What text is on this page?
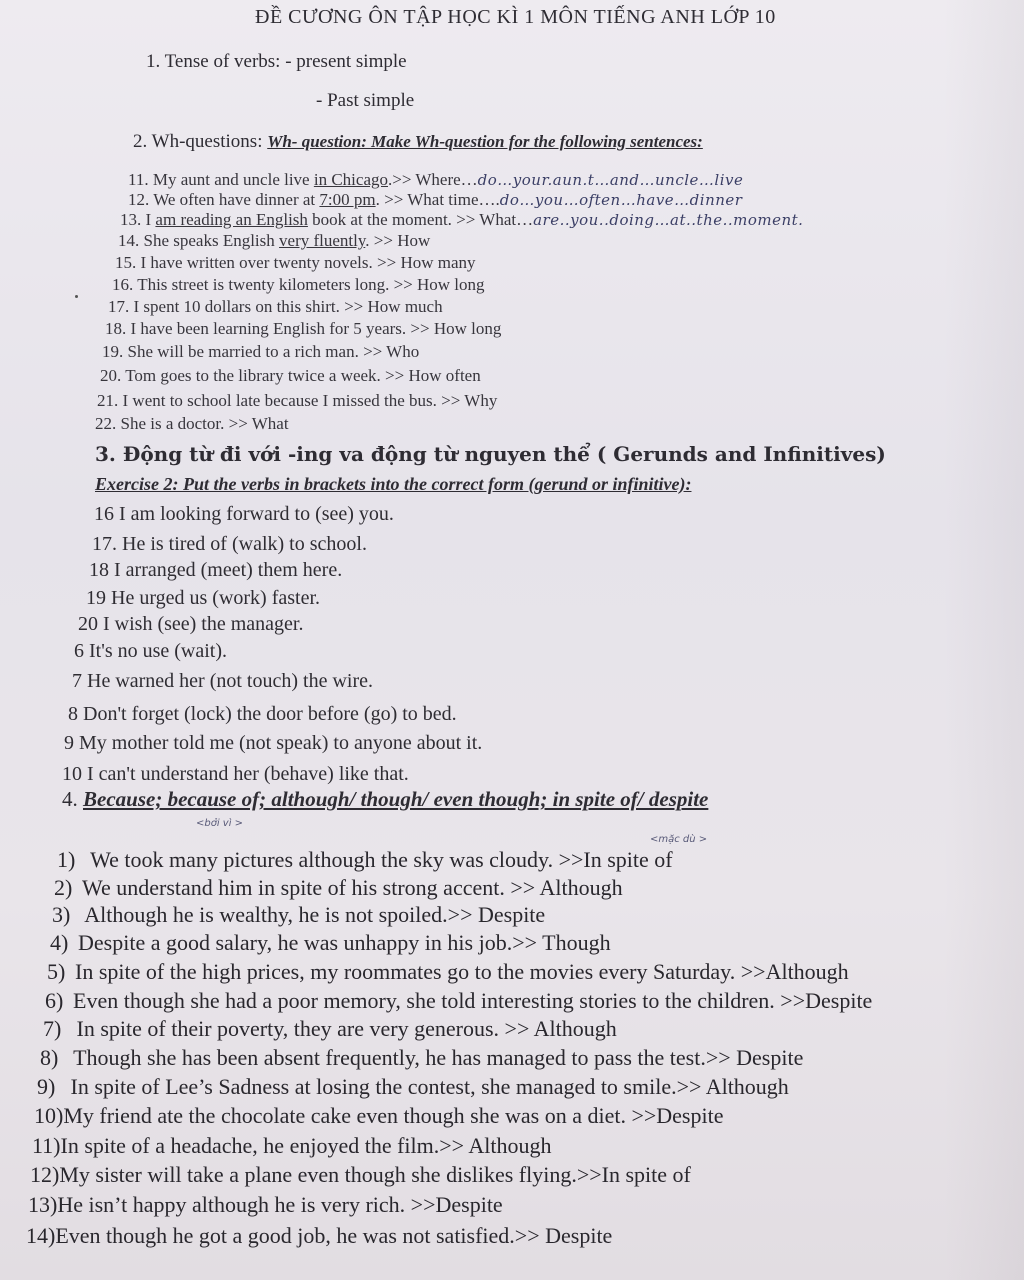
ĐỀ CƯƠNG ÔN TẬP HỌC KÌ 1 MÔN TIẾNG ANH LỚP 10
1. Tense of verbs: - present simple
- Past simple
2. Wh-questions: Wh- question: Make Wh-question for the following sentences:
11. My aunt and uncle live in Chicago.>> Where…do…your.aun.t…and…uncle…live
12. We often have dinner at 7:00 pm. >> What time….do…you…often…have…dinner
13. I am reading an English book at the moment. >> What…are..you..doing…at..the..moment.
14. She speaks English very fluently. >> How
15. I have written over twenty novels. >> How many
16. This street is twenty kilometers long. >> How long
17. I spent 10 dollars on this shirt. >> How much
18. I have been learning English for 5 years. >> How long
19. She will be married to a rich man. >> Who
20. Tom goes to the library twice a week. >> How often
21. I went to school late because I missed the bus. >> Why
22. She is a doctor. >> What
3. Động từ đi với -ing va động từ nguyen thể ( Gerunds and Infinitives)
Exercise 2: Put the verbs in brackets into the correct form (gerund or infinitive):
16 I am looking forward to (see) you.
17. He is tired of (walk) to school.
18 I arranged (meet) them here.
19 He urged us (work) faster.
20 I wish (see) the manager.
6 It's no use (wait).
7 He warned her (not touch) the wire.
8 Don't forget (lock) the door before (go) to bed.
9 My mother told me (not speak) to anyone about it.
10 I can't understand her (behave) like that.
4. Because; because of; although/ though/ even though; in spite of/ despite
<bởi vì >
<mặc dù >
1) We took many pictures although the sky was cloudy. >>In spite of
2) We understand him in spite of his strong accent. >> Although
3) Although he is wealthy, he is not spoiled.>> Despite
4) Despite a good salary, he was unhappy in his job.>> Though
5) In spite of the high prices, my roommates go to the movies every Saturday. >>Although
6) Even though she had a poor memory, she told interesting stories to the children. >>Despite
7) In spite of their poverty, they are very generous. >> Although
8) Though she has been absent frequently, he has managed to pass the test.>> Despite
9) In spite of Lee’s Sadness at losing the contest, she managed to smile.>> Although
10)My friend ate the chocolate cake even though she was on a diet. >>Despite
11)In spite of a headache, he enjoyed the film.>> Although
12)My sister will take a plane even though she dislikes flying.>>In spite of
13)He isn’t happy although he is very rich. >>Despite
14)Even though he got a good job, he was not satisfied.>> Despite
